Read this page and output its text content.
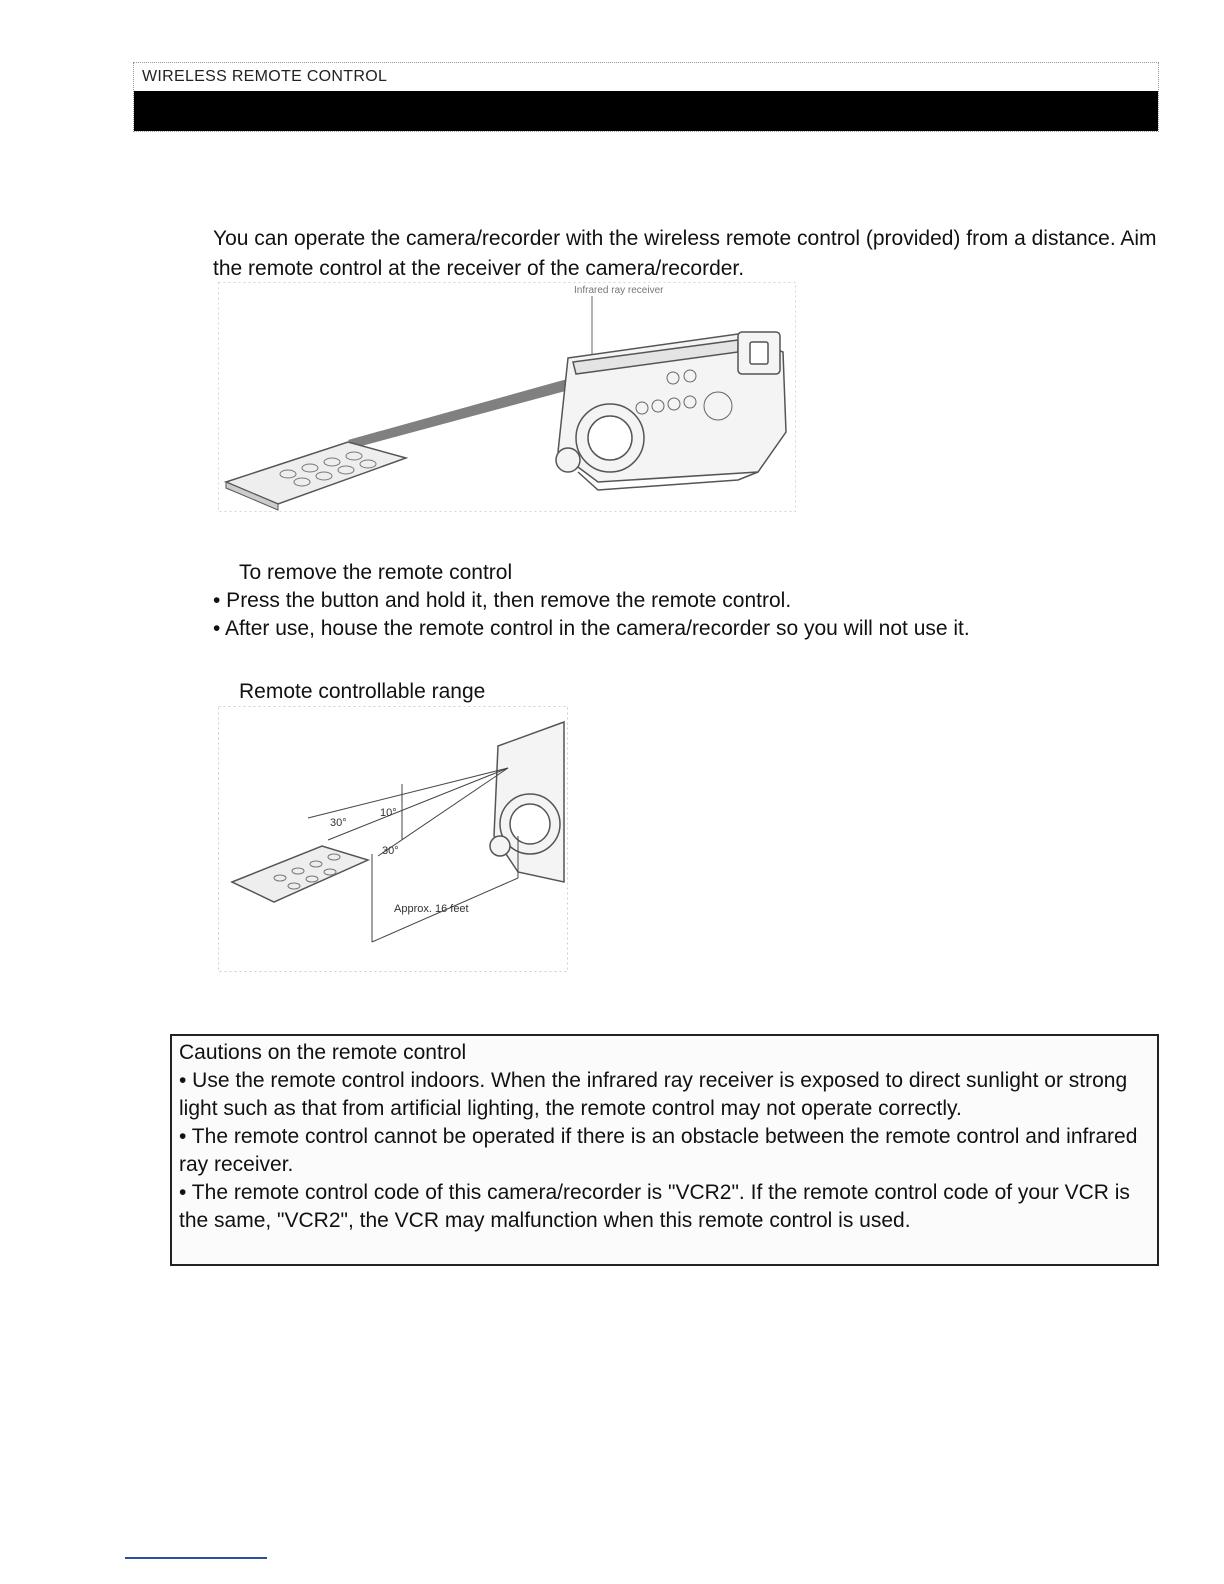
WIRELESS REMOTE CONTROL

You can operate the camera/recorder with the wireless remote control (provided) from a distance. Aim the remote control at the receiver of the camera/recorder.

Infrared ray receiver

To remove the remote control

• Press the button and hold it, then remove the remote control.
• After use, house the remote control in the camera/recorder so you will not use it.

Remote controllable range

10°
30°
30°
Approx. 16 feet

Cautions on the remote control

• Use the remote control indoors. When the infrared ray receiver is exposed to direct sunlight or strong light such as that from artificial lighting, the remote control may not operate correctly.

• The remote control cannot be operated if there is an obstacle between the remote control and infrared ray receiver.

• The remote control code of this camera/recorder is "VCR2". If the remote control code of your VCR is the same, "VCR2", the VCR may malfunction when this remote control is used.
